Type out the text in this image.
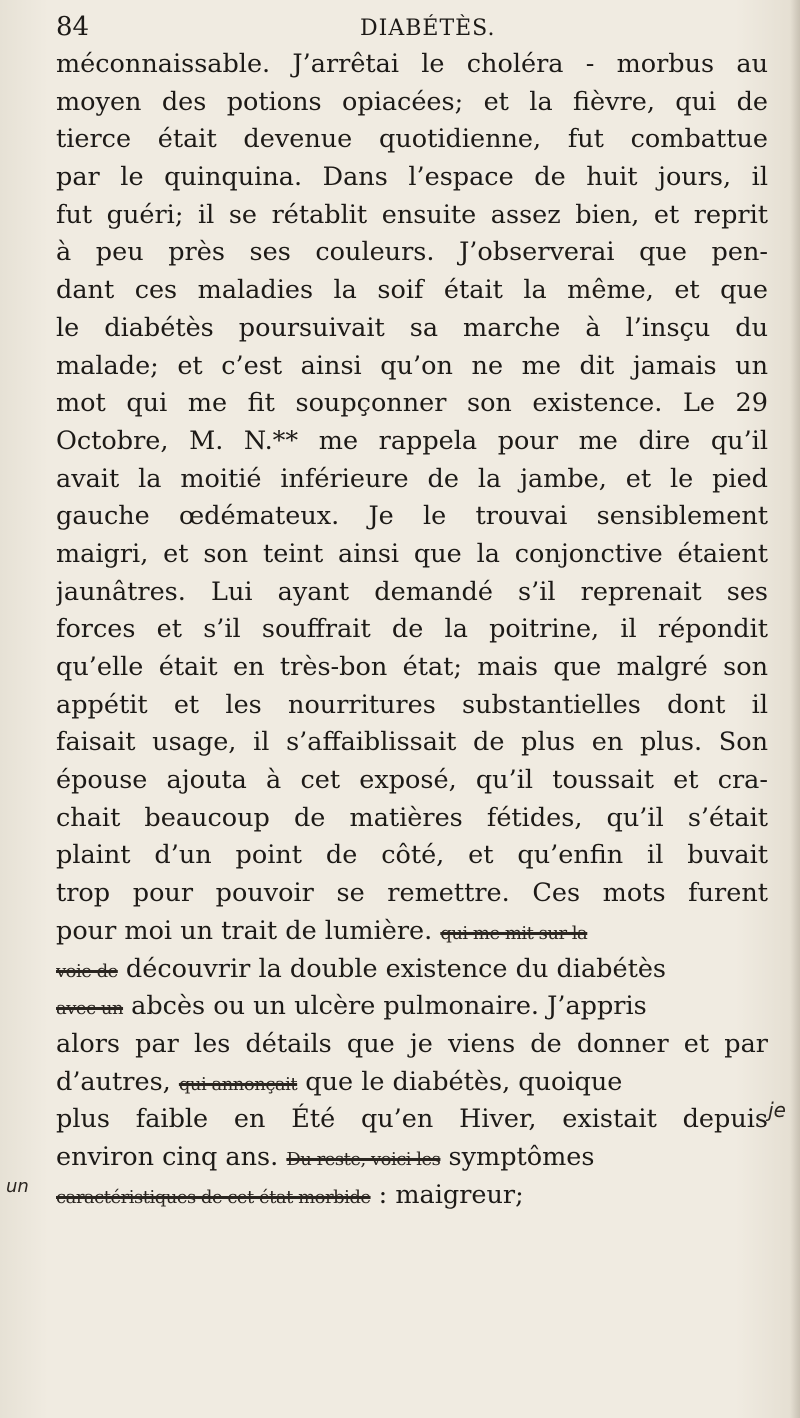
84	DIABÉTÈS.
méconnaissable. J’arrêtai le choléra - morbus au
moyen des potions opiacées; et la fièvre, qui de
tierce était devenue quotidienne, fut combattue
par le quinquina. Dans l’espace de huit jours, il
fut guéri; il se rétablit ensuite assez bien, et reprit
à peu près ses couleurs. J’observerai que pen-
dant ces maladies la soif était la même, et que
le diabétès poursuivait sa marche à l’insçu du
malade; et c’est ainsi qu’on ne me dit jamais un
mot qui me fit soupçonner son existence. Le 29
Octobre, M. N.** me rappela pour me dire qu’il
avait la moitié inférieure de la jambe, et le pied
gauche œdémateux. Je le trouvai sensiblement
maigri, et son teint ainsi que la conjonctive étaient
jaunâtres. Lui ayant demandé s’il reprenait ses
forces et s’il souffrait de la poitrine, il répondit
qu’elle était en très-bon état; mais que malgré son
appétit et les nourritures substantielles dont il
faisait usage, il s’affaiblissait de plus en plus. Son
épouse ajouta à cet exposé, qu’il toussait et cra-
chait beaucoup de matières fétides, qu’il s’était
plaint d’un point de côté, et qu’enfin il buvait
trop pour pouvoir se remettre. Ces mots furent
pour moi un trait de lumière. qui me mit sur la
voie de découvrir la double existence du diabétès
avec un abcès ou un ulcère pulmonaire. J’appris
alors par les détails que je viens de donner et par
d’autres, qui annonçait que le diabétès, quoique
plus faible en Été qu’en Hiver, existait depuis
environ cinq ans. Du reste, voici les symptômes
caractéristiques de cet état morbide : maigreur;
je
un
